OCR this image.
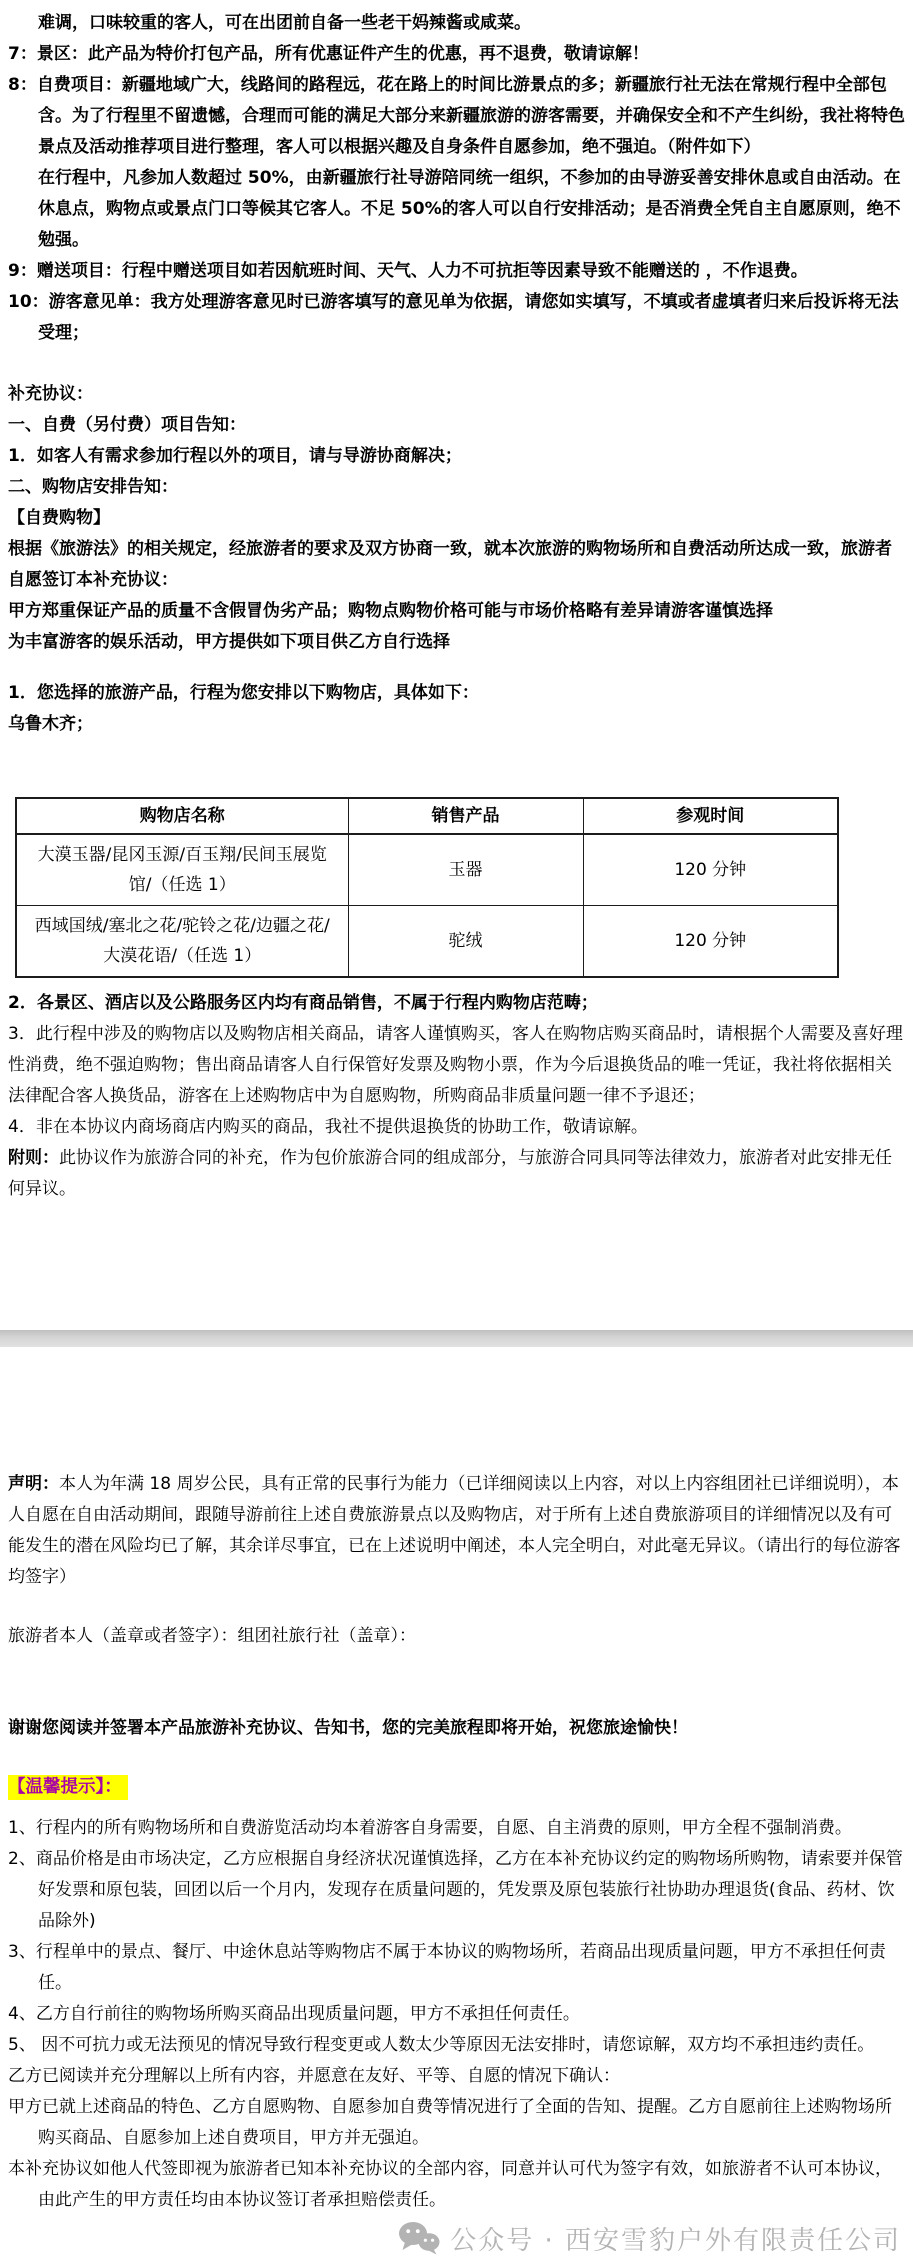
难调，口味较重的客人，可在出团前自备一些老干妈辣酱或咸菜。

7：景区：此产品为特价打包产品，所有优惠证件产生的优惠，再不退费，敬请谅解！

8：自费项目：新疆地域广大，线路间的路程远，花在路上的时间比游景点的多；新疆旅行社无法在常规行程中全部包含。为了行程里不留遗憾，合理而可能的满足大部分来新疆旅游的游客需要，并确保安全和不产生纠纷，我社将特色景点及活动推荐项目进行整理，客人可以根据兴趣及自身条件自愿参加，绝不强迫。（附件如下）

在行程中，凡参加人数超过 50%，由新疆旅行社导游陪同统一组织，不参加的由导游妥善安排休息或自由活动。在休息点，购物点或景点门口等候其它客人。不足 50%的客人可以自行安排活动；是否消费全凭自主自愿原则，绝不勉强。

9：赠送项目：行程中赠送项目如若因航班时间、天气、人力不可抗拒等因素导致不能赠送的 ，不作退费。

10：游客意见单：我方处理游客意见时已游客填写的意见单为依据，请您如实填写，不填或者虚填者归来后投诉将无法受理；

补充协议：

一、自费（另付费）项目告知：

1．如客人有需求参加行程以外的项目，请与导游协商解决；

二、购物店安排告知：

【自费购物】

根据《旅游法》的相关规定，经旅游者的要求及双方协商一致，就本次旅游的购物场所和自费活动所达成一致，旅游者自愿签订本补充协议：

甲方郑重保证产品的质量不含假冒伪劣产品；购物点购物价格可能与市场价格略有差异请游客谨慎选择

为丰富游客的娱乐活动，甲方提供如下项目供乙方自行选择

1．您选择的旅游产品，行程为您安排以下购物店，具体如下：

乌鲁木齐；

购物店名称	销售产品	参观时间
大漠玉器/昆冈玉源/百玉翔/民间玉展览馆/（任选 1）	玉器	120 分钟
西域国绒/塞北之花/驼铃之花/边疆之花/大漠花语/（任选 1）	驼绒	120 分钟

2．各景区、酒店以及公路服务区内均有商品销售，不属于行程内购物店范畴；

3．此行程中涉及的购物店以及购物店相关商品，请客人谨慎购买，客人在购物店购买商品时，请根据个人需要及喜好理性消费，绝不强迫购物；售出商品请客人自行保管好发票及购物小票，作为今后退换货品的唯一凭证，我社将依据相关法律配合客人换货品，游客在上述购物店中为自愿购物，所购商品非质量问题一律不予退还；

4．非在本协议内商场商店内购买的商品，我社不提供退换货的协助工作，敬请谅解。

附则：此协议作为旅游合同的补充，作为包价旅游合同的组成部分，与旅游合同具同等法律效力，旅游者对此安排无任何异议。

声明：本人为年满 18 周岁公民，具有正常的民事行为能力（已详细阅读以上内容，对以上内容组团社已详细说明），本人自愿在自由活动期间，跟随导游前往上述自费旅游景点以及购物店，对于所有上述自费旅游项目的详细情况以及有可能发生的潜在风险均已了解，其余详尽事宜，已在上述说明中阐述，本人完全明白，对此毫无异议。（请出行的每位游客均签字）

旅游者本人（盖章或者签字）：组团社旅行社（盖章）：

谢谢您阅读并签署本产品旅游补充协议、告知书，您的完美旅程即将开始，祝您旅途愉快！

【温馨提示】：

1、行程内的所有购物场所和自费游览活动均本着游客自身需要，自愿、自主消费的原则，甲方全程不强制消费。

2、商品价格是由市场决定，乙方应根据自身经济状况谨慎选择，乙方在本补充协议约定的购物场所购物，请索要并保管好发票和原包装，回团以后一个月内，发现存在质量问题的，凭发票及原包装旅行社协助办理退货(食品、药材、饮品除外)

3、行程单中的景点、餐厅、中途休息站等购物店不属于本协议的购物场所，若商品出现质量问题，甲方不承担任何责任。

4、乙方自行前往的购物场所购买商品出现质量问题，甲方不承担任何责任。

5、 因不可抗力或无法预见的情况导致行程变更或人数太少等原因无法安排时，请您谅解，双方均不承担违约责任。

乙方已阅读并充分理解以上所有内容，并愿意在友好、平等、自愿的情况下确认：

甲方已就上述商品的特色、乙方自愿购物、自愿参加自费等情况进行了全面的告知、提醒。乙方自愿前往上述购物场所购买商品、自愿参加上述自费项目，甲方并无强迫。

本补充协议如他人代签即视为旅游者已知本补充协议的全部内容，同意并认可代为签字有效，如旅游者不认可本协议，由此产生的甲方责任均由本协议签订者承担赔偿责任。

公众号 · 西安雪豹户外有限责任公司
